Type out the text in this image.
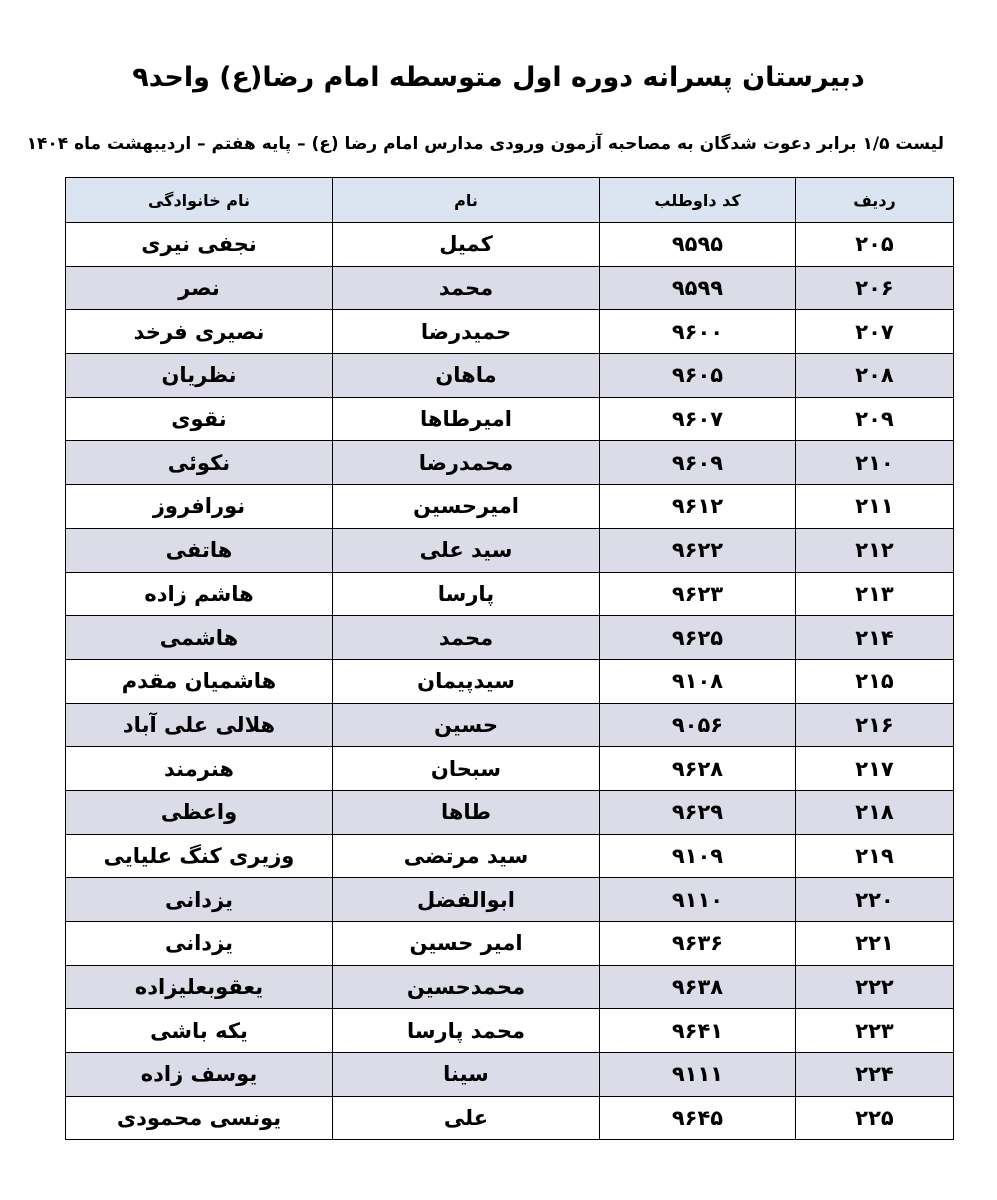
دبیرستان پسرانه دوره اول متوسطه امام رضا(ع) واحد۹
لیست ۱/۵ برابر دعوت شدگان به مصاحبه آزمون ورودی مدارس امام رضا (ع) – پایه هفتم – اردیبهشت ماه ۱۴۰۴
ردیف	کد داوطلب	نام	نام خانوادگی
۲۰۵	۹۵۹۵	کمیل	نجفی نیری
۲۰۶	۹۵۹۹	محمد	نصر
۲۰۷	۹۶۰۰	حمیدرضا	نصیری فرخد
۲۰۸	۹۶۰۵	ماهان	نظریان
۲۰۹	۹۶۰۷	امیرطاها	نقوی
۲۱۰	۹۶۰۹	محمدرضا	نکوئی
۲۱۱	۹۶۱۲	امیرحسین	نورافروز
۲۱۲	۹۶۲۲	سید علی	هاتفی
۲۱۳	۹۶۲۳	پارسا	هاشم زاده
۲۱۴	۹۶۲۵	محمد	هاشمی
۲۱۵	۹۱۰۸	سیدپیمان	هاشمیان مقدم
۲۱۶	۹۰۵۶	حسین	هلالی علی آباد
۲۱۷	۹۶۲۸	سبحان	هنرمند
۲۱۸	۹۶۲۹	طاها	واعظی
۲۱۹	۹۱۰۹	سید مرتضی	وزیری کنگ علیایی
۲۲۰	۹۱۱۰	ابوالفضل	یزدانی
۲۲۱	۹۶۳۶	امیر حسین	یزدانی
۲۲۲	۹۶۳۸	محمدحسین	یعقوبعلیزاده
۲۲۳	۹۶۴۱	محمد پارسا	یکه باشی
۲۲۴	۹۱۱۱	سینا	یوسف زاده
۲۲۵	۹۶۴۵	علی	یونسی محمودی
